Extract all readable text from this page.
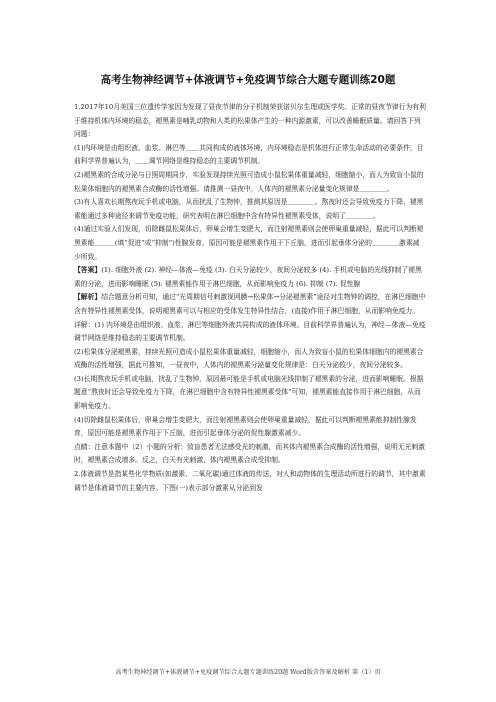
高考生物神经调节+体液调节+免疫调节综合大题专题训练20题

1.2017年10月美国三位遗传学家因为发现了昼夜节律的分子机制荣获诺贝尔生理或医学奖。正常的昼夜节律行为有利于维持机体内环境的稳态，褪黑素是哺乳动物和人类的松果体产生的一种内源激素，可以改善睡眠质量。请回答下列问题：

(1)内环境是由组织液、血浆、淋巴等＿＿共同构成的液体环境，内环境稳态是机体进行正常生命活动的必要条件，目前科学界普遍认为，＿＿调节网络是维持稳态的主要调节机制。

(2)褪黑素的合成分泌与日照周期同步，实验发现持续光照可造成小鼠松果体重量减轻，细胞缩小，而人为致盲小鼠的松果体细胞内的褪黑素合成酶的活性增强。请推测一昼夜中，人体内的褪黑素分泌量变化规律是＿＿＿＿。

(3)有人喜欢长期熬夜玩手机或电脑，从而扰乱了生物钟，推测其原因是＿＿＿＿。熬夜时还会导致免疫力下降，褪黑素能通过多种途径来调节免疫功能，研究表明在淋巴细胞中含有特异性褪黑素受体，说明了＿＿＿＿。

(4)通过实验人们发现，切除雌鼠松果体后，卵巢会增生变肥大，而注射褪黑素则会使卵巢重量减轻，据此可以判断褪黑素能＿＿＿(填“促进”或“抑制”)性腺发育，原因可能是褪黑素作用于下丘脑，进而引起垂体分泌的＿＿＿＿激素减少所致。

【答案】(1). 细胞外液 (2). 神经—体液—免疫 (3). 白天分泌较少，夜间分泌较多 (4). 手机或电脑的光线抑制了褪黑素的分泌，进而影响睡眠 (5). 褪黑素能作用于淋巴细胞，从而影响免疫力 (6). 抑制 (7). 促性腺

【解析】结合题意分析可知，通过“光周期信号刺激视网膜→松果体→分泌褪黑素”途径对生物钟的调控，在淋巴细胞中含有特异性褪黑素受体，说明褪黑素可以与相应的受体发生特异性结合，(直接)作用于淋巴细胞，从而影响免疫力。

详解：(1) 内环境是由组织液、血浆、淋巴等细胞外液共同构成的液体环境。目前科学界普遍认为，神经—体液—免疫调节网络是维持稳态的主要调节机制。

(2)松果体分泌褪黑素，持续光照可造成小鼠松果体重量减轻，细胞缩小，而人为致盲小鼠的松果体细胞内的褪黑素合成酶的活性增强，据此可推知，一昼夜中，人体内的褪黑素分泌量变化规律是：白天分泌较少，夜间分泌较多。

(3)长期熬夜玩手机或电脑，扰乱了生物钟，原因最可能是手机或电脑光线抑制了褪黑素的分泌，进而影响睡眠。根据题意“熬夜时还会导致免疫力下降，在淋巴细胞中含有特异性褪黑素受体”可知，褪黑素能直接作用于淋巴细胞，从而影响免疫力。

(4)切除雌鼠松果体后，卵巢会增生变肥大，而注射褪黑素则会使卵巢重量减轻，据此可以判断褪黑素能抑制性腺发育，原因可能是褪黑素作用于下丘脑，进而引起垂体分泌的促性腺激素减少。

点睛：注意本题中（2）小题的分析：致盲患者无法感受光的刺激，而其体内褪黑素合成酶的活性增强，说明无光刺激时，褪黑素合成增多。反之，白天有光刺激，体内褪黑素合成受抑制。

2.体液调节是指某些化学物质(如激素、二氧化碳)通过体液的传送，对人和动物体的生理活动所进行的调节，其中激素调节是体液调节的主要内容。下图(一)表示部分激素从分泌到发

高考生物神经调节+体液调节+免疫调节综合大题专题训练20题 Word版含答案及解析 第（1）页
